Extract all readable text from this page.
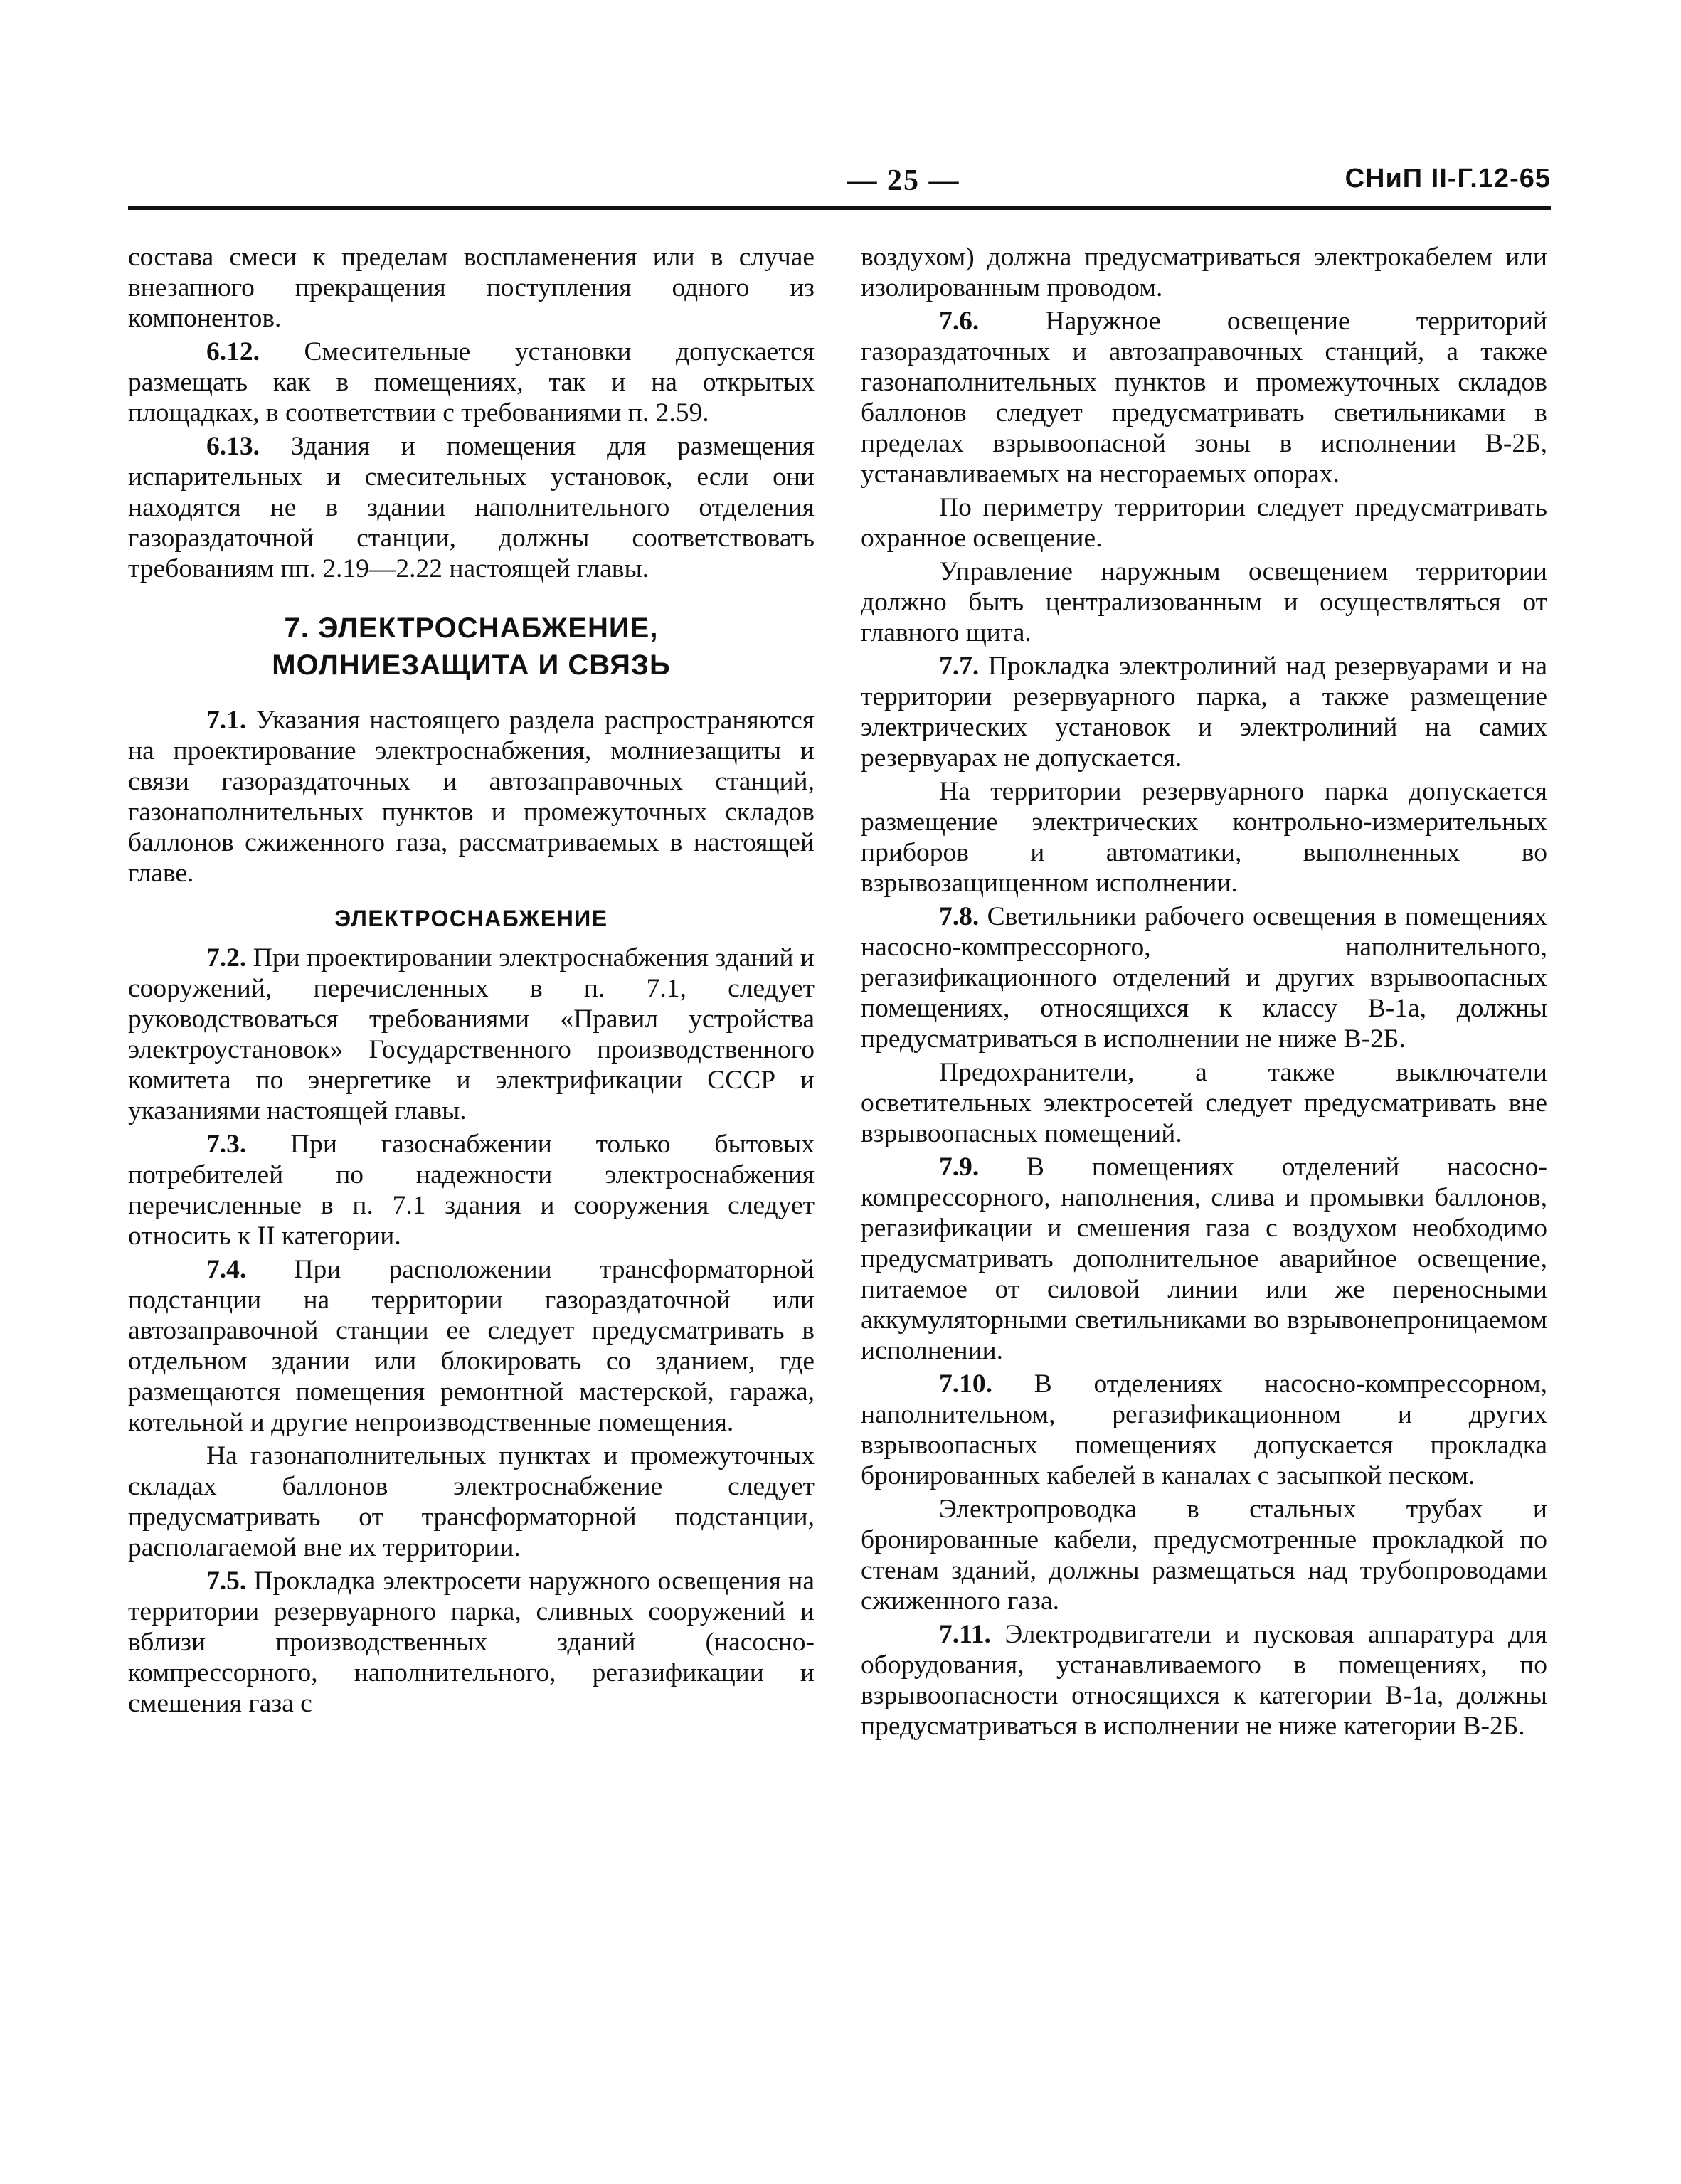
— 25 —	СНиП II-Г.12-65

состава смеси к пределам воспламенения или в случае внезапного прекращения поступления одного из компонентов.

6.12. Смесительные установки допускается размещать как в помещениях, так и на открытых площадках, в соответствии с требованиями п. 2.59.

6.13. Здания и помещения для размещения испарительных и смесительных установок, если они находятся не в здании наполнительного отделения газораздаточной станции, должны соответствовать требованиям пп. 2.19—2.22 настоящей главы.

7. ЭЛЕКТРОСНАБЖЕНИЕ,
МОЛНИЕЗАЩИТА И СВЯЗЬ

7.1. Указания настоящего раздела распространяются на проектирование электроснабжения, молниезащиты и связи газораздаточных и автозаправочных станций, газонаполнительных пунктов и промежуточных складов баллонов сжиженного газа, рассматриваемых в настоящей главе.

ЭЛЕКТРОСНАБЖЕНИЕ

7.2. При проектировании электроснабжения зданий и сооружений, перечисленных в п. 7.1, следует руководствоваться требованиями «Правил устройства электроустановок» Государственного производственного комитета по энергетике и электрификации СССР и указаниями настоящей главы.

7.3. При газоснабжении только бытовых потребителей по надежности электроснабжения перечисленные в п. 7.1 здания и сооружения следует относить к II категории.

7.4. При расположении трансформаторной подстанции на территории газораздаточной или автозаправочной станции ее следует предусматривать в отдельном здании или блокировать со зданием, где размещаются помещения ремонтной мастерской, гаража, котельной и другие непроизводственные помещения.

На газонаполнительных пунктах и промежуточных складах баллонов электроснабжение следует предусматривать от трансформаторной подстанции, располагаемой вне их территории.

7.5. Прокладка электросети наружного освещения на территории резервуарного парка, сливных сооружений и вблизи производственных зданий (насосно-компрессорного, наполнительного, регазификации и смешения газа с

воздухом) должна предусматриваться электрокабелем или изолированным проводом.

7.6. Наружное освещение территорий газораздаточных и автозаправочных станций, а также газонаполнительных пунктов и промежуточных складов баллонов следует предусматривать светильниками в пределах взрывоопасной зоны в исполнении В-2Б, устанавливаемых на несгораемых опорах.

По периметру территории следует предусматривать охранное освещение.

Управление наружным освещением территории должно быть централизованным и осуществляться от главного щита.

7.7. Прокладка электролиний над резервуарами и на территории резервуарного парка, а также размещение электрических установок и электролиний на самих резервуарах не допускается.

На территории резервуарного парка допускается размещение электрических контрольно-измерительных приборов и автоматики, выполненных во взрывозащищенном исполнении.

7.8. Светильники рабочего освещения в помещениях насосно-компрессорного, наполнительного, регазификационного отделений и других взрывоопасных помещениях, относящихся к классу В-1а, должны предусматриваться в исполнении не ниже В-2Б.

Предохранители, а также выключатели осветительных электросетей следует предусматривать вне взрывоопасных помещений.

7.9. В помещениях отделений насосно-компрессорного, наполнения, слива и промывки баллонов, регазификации и смешения газа с воздухом необходимо предусматривать дополнительное аварийное освещение, питаемое от силовой линии или же переносными аккумуляторными светильниками во взрывонепроницаемом исполнении.

7.10. В отделениях насосно-компрессорном, наполнительном, регазификационном и других взрывоопасных помещениях допускается прокладка бронированных кабелей в каналах с засыпкой песком.

Электропроводка в стальных трубах и бронированные кабели, предусмотренные прокладкой по стенам зданий, должны размещаться над трубопроводами сжиженного газа.

7.11. Электродвигатели и пусковая аппаратура для оборудования, устанавливаемого в помещениях, по взрывоопасности относящихся к категории В-1а, должны предусматриваться в исполнении не ниже категории В-2Б.
